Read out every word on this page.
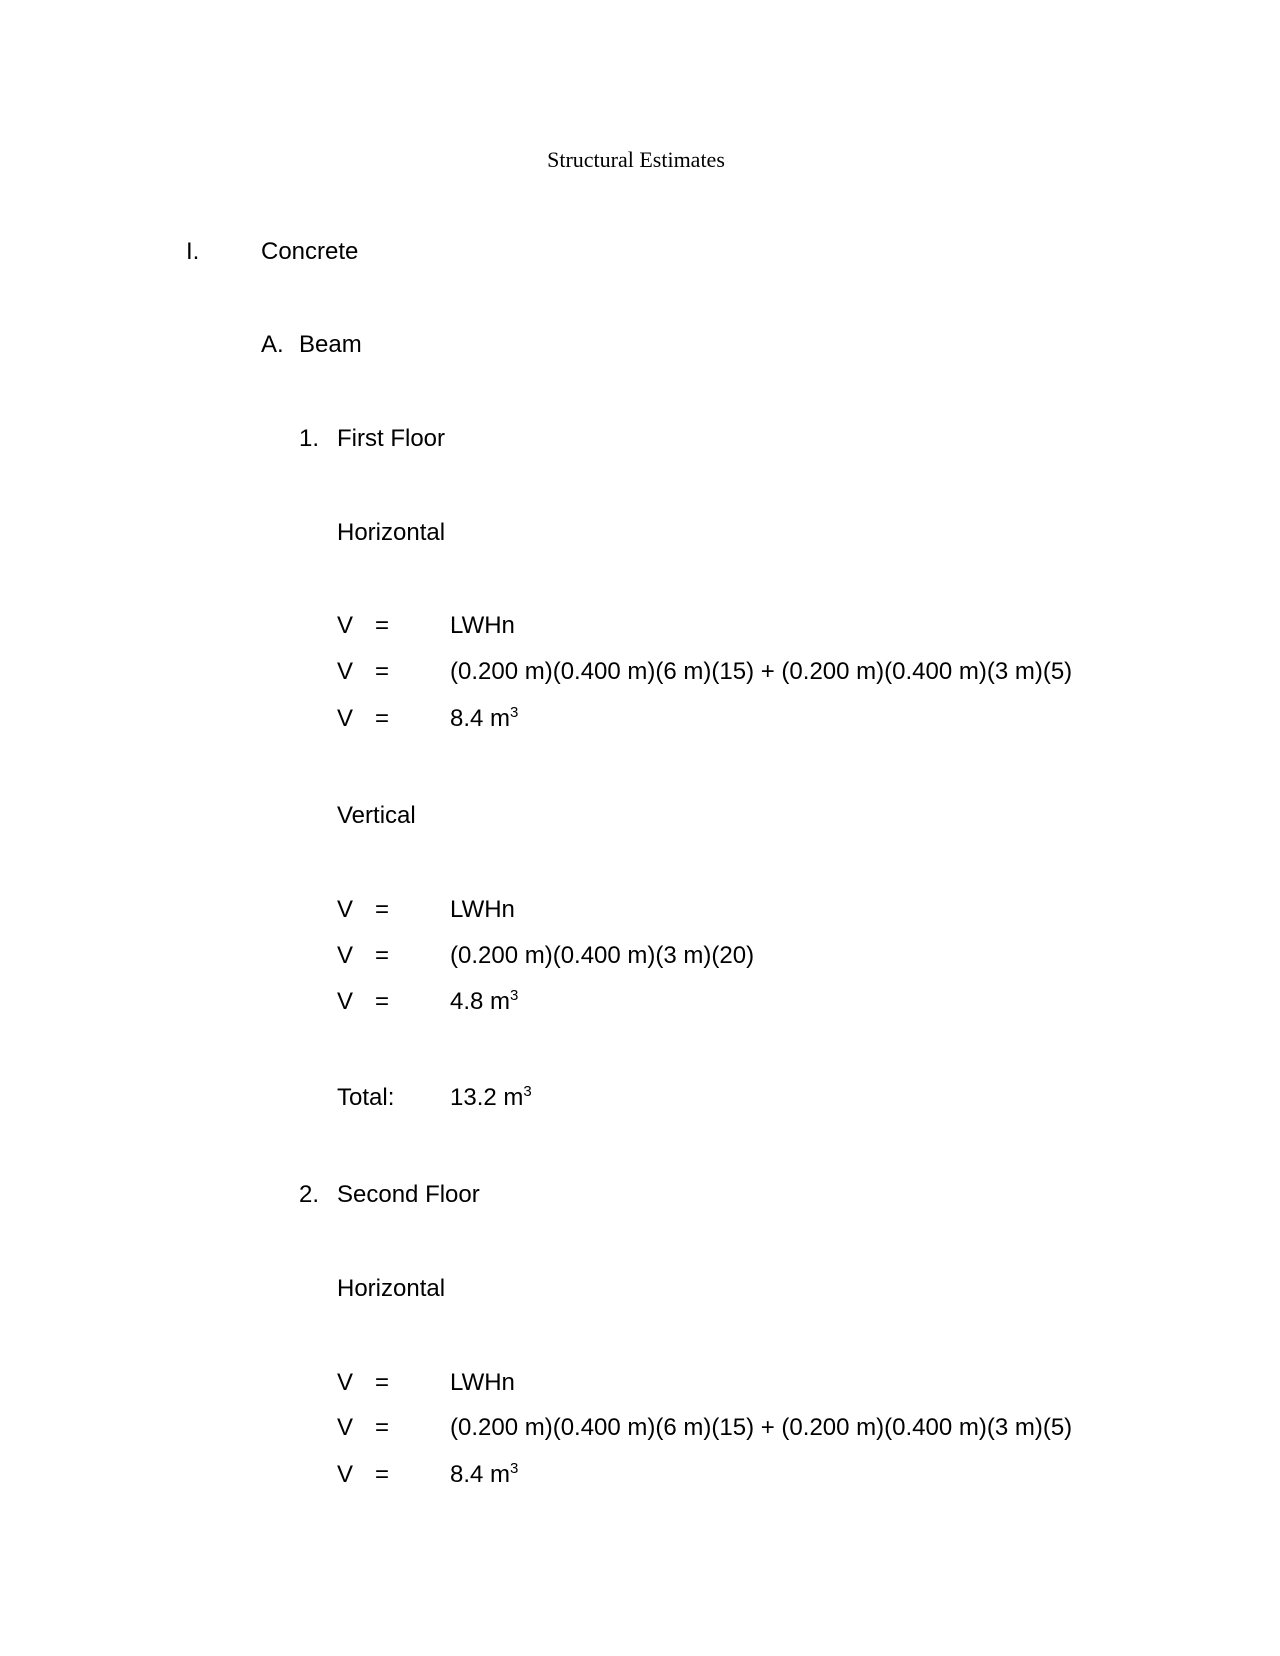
Structural Estimates
I.	Concrete
A. Beam
1. First Floor
Horizontal
V =	LWHn
V =	(0.200 m)(0.400 m)(6 m)(15) + (0.200 m)(0.400 m)(3 m)(5)
V =	8.4 $m^3$
Vertical
V =	LWHn
V =	(0.200 m)(0.400 m)(3 m)(20)
V =	4.8 $m^3$
Total: 13.2 $m^3$
2. Second Floor
Horizontal
V =	LWHn
V =	(0.200 m)(0.400 m)(6 m)(15) + (0.200 m)(0.400 m)(3 m)(5)
V =	8.4 $m^3$
